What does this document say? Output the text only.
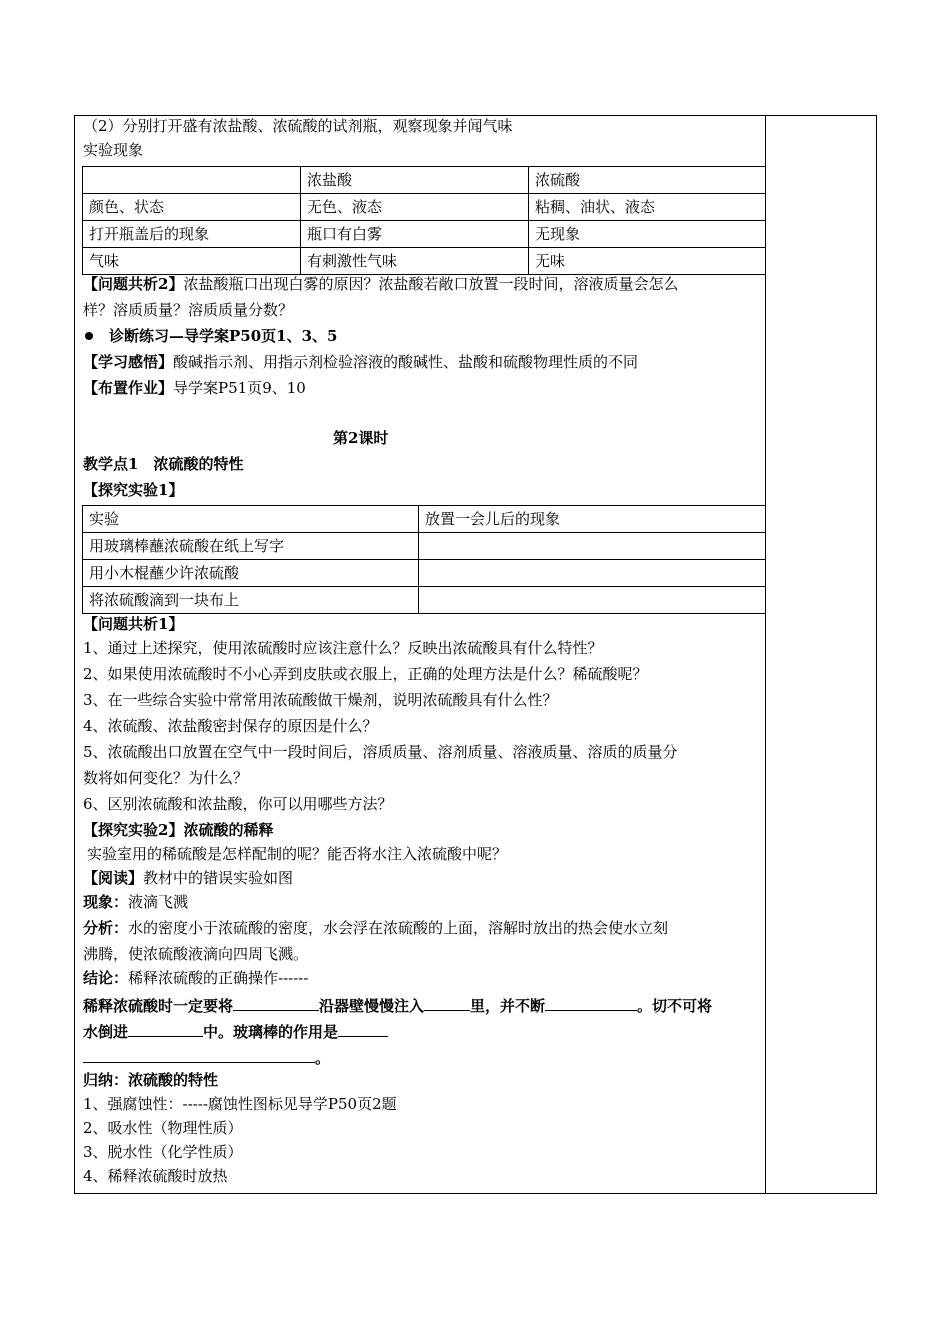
（2）分别打开盛有浓盐酸、浓硫酸的试剂瓶，观察现象并闻气味
实验现象
	浓盐酸	浓硫酸
颜色、状态	无色、液态	粘稠、油状、液态
打开瓶盖后的现象	瓶口有白雾	无现象
气味	有刺激性气味	无味
【问题共析2】浓盐酸瓶口出现白雾的原因？浓盐酸若敞口放置一段时间，溶液质量会怎么
样？溶质质量？溶质质量分数？
诊断练习—导学案P50页1、3、5
【学习感悟】酸碱指示剂、用指示剂检验溶液的酸碱性、盐酸和硫酸物理性质的不同
【布置作业】导学案P51页9、10
第2课时
教学点1　浓硫酸的特性
【探究实验1】
实验	放置一会儿后的现象
用玻璃棒蘸浓硫酸在纸上写字	
用小木棍蘸少许浓硫酸	
将浓硫酸滴到一块布上	
【问题共析1】
1、通过上述探究，使用浓硫酸时应该注意什么？反映出浓硫酸具有什么特性？
2、如果使用浓硫酸时不小心弄到皮肤或衣服上，正确的处理方法是什么？稀硫酸呢？
3、在一些综合实验中常常用浓硫酸做干燥剂，说明浓硫酸具有什么性？
4、浓硫酸、浓盐酸密封保存的原因是什么？
5、浓硫酸出口放置在空气中一段时间后，溶质质量、溶剂质量、溶液质量、溶质的质量分
数将如何变化？为什么？
6、区别浓硫酸和浓盐酸，你可以用哪些方法？
【探究实验2】浓硫酸的稀释
实验室用的稀硫酸是怎样配制的呢？能否将水注入浓硫酸中呢？
【阅读】教材中的错误实验如图
现象：液滴飞溅
分析：水的密度小于浓硫酸的密度，水会浮在浓硫酸的上面，溶解时放出的热会使水立刻
沸腾，使浓硫酸液滴向四周飞溅。
结论：稀释浓硫酸的正确操作------
稀释浓硫酸时一定要将	沿器壁慢慢注入	里，并不断	。切不可将
水倒进	中。玻璃棒的作用是
。
归纳：浓硫酸的特性
1、强腐蚀性：-----腐蚀性图标见导学P50页2题
2、吸水性（物理性质）
3、脱水性（化学性质）
4、稀释浓硫酸时放热
